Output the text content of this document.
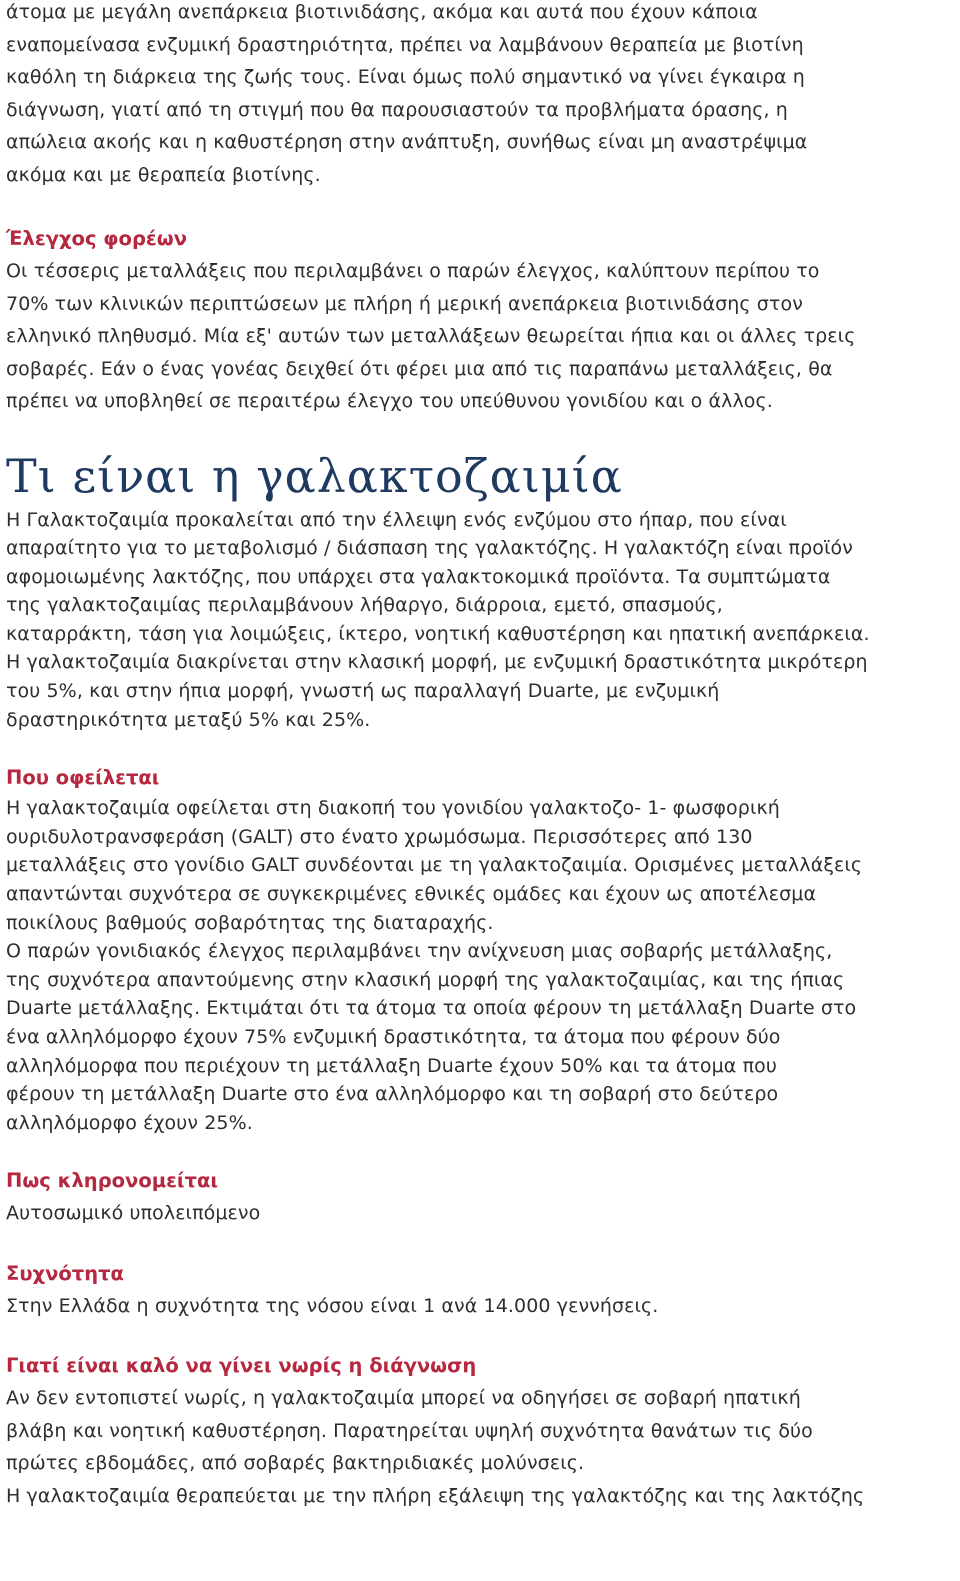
άτομα με μεγάλη ανεπάρκεια βιοτινιδάσης, ακόμα και αυτά που έχουν κάποια
εναπομείνασα ενζυμική δραστηριότητα, πρέπει να λαμβάνουν θεραπεία με βιοτίνη
καθόλη τη διάρκεια της ζωής τους. Είναι όμως πολύ σημαντικό να γίνει έγκαιρα η
διάγνωση, γιατί από τη στιγμή που θα παρουσιαστούν τα προβλήματα όρασης, η
απώλεια ακοής και η καθυστέρηση στην ανάπτυξη, συνήθως είναι μη αναστρέψιμα
ακόμα και με θεραπεία βιοτίνης.
Έλεγχος φορέων
Οι τέσσερις μεταλλάξεις που περιλαμβάνει ο παρών έλεγχος, καλύπτουν περίπου το
70% των κλινικών περιπτώσεων με πλήρη ή μερική ανεπάρκεια βιοτινιδάσης στον
ελληνικό πληθυσμό. Μία εξ' αυτών των μεταλλάξεων θεωρείται ήπια και οι άλλες τρεις
σοβαρές. Εάν ο ένας γονέας δειχθεί ότι φέρει μια από τις παραπάνω μεταλλάξεις, θα
πρέπει να υποβληθεί σε περαιτέρω έλεγχο του υπεύθυνου γονιδίου και ο άλλος.
Τι είναι η γαλακτοζαιμία
Η Γαλακτοζαιμία προκαλείται από την έλλειψη ενός ενζύμου στο ήπαρ, που είναι
απαραίτητο για το μεταβολισμό / διάσπαση της γαλακτόζης. Η γαλακτόζη είναι προϊόν
αφομοιωμένης λακτόζης, που υπάρχει στα γαλακτοκομικά προϊόντα. Τα συμπτώματα
της γαλακτοζαιμίας περιλαμβάνουν λήθαργο, διάρροια, εμετό, σπασμούς,
καταρράκτη, τάση για λοιμώξεις, ίκτερο, νοητική καθυστέρηση και ηπατική ανεπάρκεια.
Η γαλακτοζαιμία διακρίνεται στην κλασική μορφή, με ενζυμική δραστικότητα μικρότερη
του 5%, και στην ήπια μορφή, γνωστή ως παραλλαγή Duarte, με ενζυμική
δραστηρικότητα μεταξύ 5% και 25%.
Που οφείλεται
Η γαλακτοζαιμία οφείλεται στη διακοπή του γονιδίου γαλακτοζο- 1- φωσφορική
ουριδυλοτρανσφεράση (GALT) στο ένατο χρωμόσωμα. Περισσότερες από 130
μεταλλάξεις στο γονίδιο GALT συνδέονται με τη γαλακτοζαιμία. Ορισμένες μεταλλάξεις
απαντώνται συχνότερα σε συγκεκριμένες εθνικές ομάδες και έχουν ως αποτέλεσμα
ποικίλους βαθμούς σοβαρότητας της διαταραχής.
Ο παρών γονιδιακός έλεγχος περιλαμβάνει την ανίχνευση μιας σοβαρής μετάλλαξης,
της συχνότερα απαντούμενης στην κλασική μορφή της γαλακτοζαιμίας, και της ήπιας
Duarte μετάλλαξης. Εκτιμάται ότι τα άτομα τα οποία φέρουν τη μετάλλαξη Duarte στο
ένα αλληλόμορφο έχουν 75% ενζυμική δραστικότητα, τα άτομα που φέρουν δύο
αλληλόμορφα που περιέχουν τη μετάλλαξη Duarte έχουν 50% και τα άτομα που
φέρουν τη μετάλλαξη Duarte στο ένα αλληλόμορφο και τη σοβαρή στο δεύτερο
αλληλόμορφο έχουν 25%.
Πως κληρονομείται
Αυτοσωμικό υπολειπόμενο
Συχνότητα
Στην Ελλάδα η συχνότητα της νόσου είναι 1 ανά 14.000 γεννήσεις.
Γιατί είναι καλό να γίνει νωρίς η διάγνωση
Αν δεν εντοπιστεί νωρίς, η γαλακτοζαιμία μπορεί να οδηγήσει σε σοβαρή ηπατική
βλάβη και νοητική καθυστέρηση. Παρατηρείται υψηλή συχνότητα θανάτων τις δύο
πρώτες εβδομάδες, από σοβαρές βακτηριδιακές μολύνσεις.
Η γαλακτοζαιμία θεραπεύεται με την πλήρη εξάλειψη της γαλακτόζης και της λακτόζης
